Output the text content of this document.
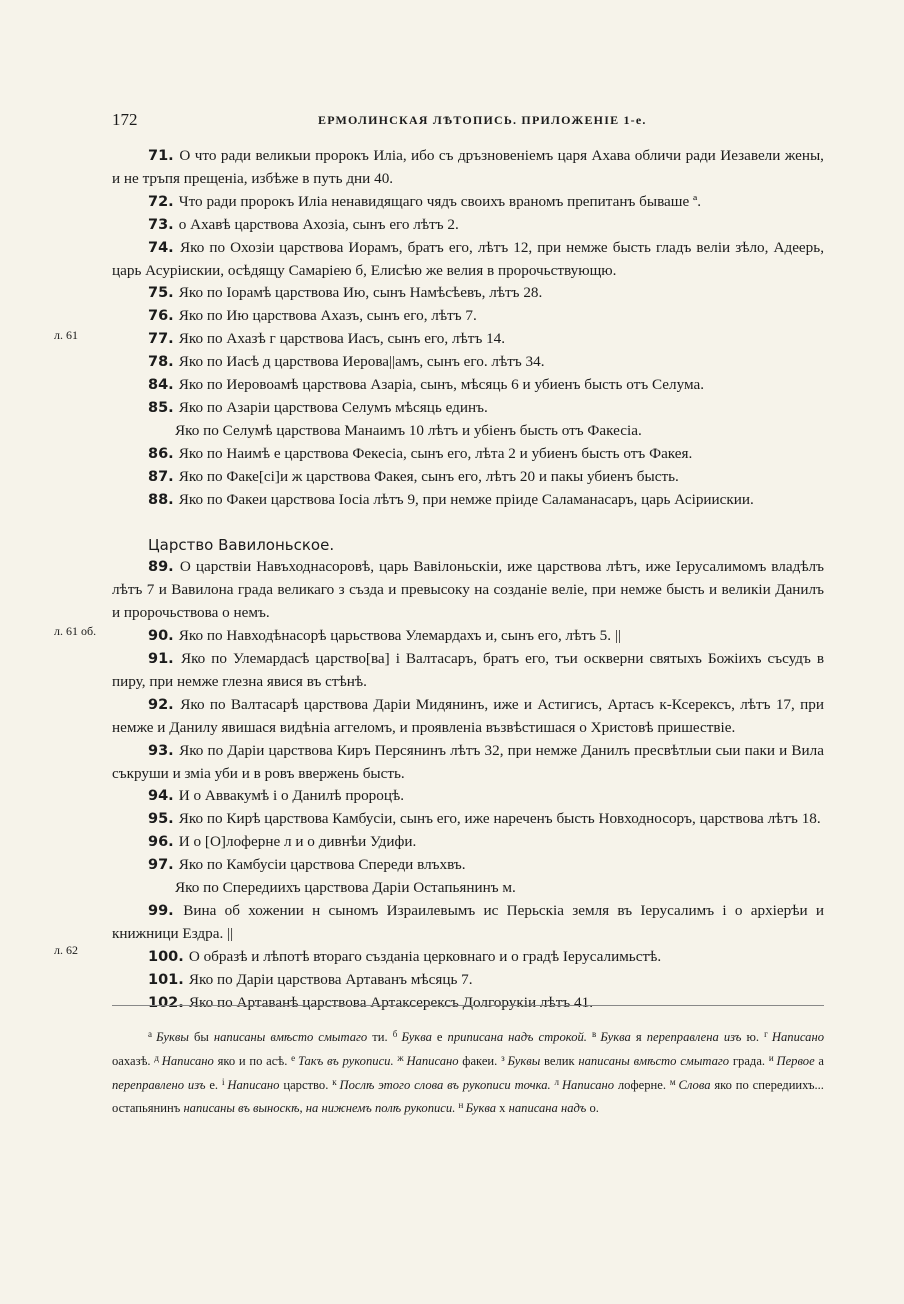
172	ЕРМОЛИНСКАЯ ЛѢТОПИСЬ. ПРИЛОЖЕНІЕ 1-е.
л. 61
л. 61 об.
л. 62
71. О что ради великыи пророкъ Иліа, ибо съ дръзновеніемъ царя Ахава обличи ради Иезавели жены, и не тръпя прещеніа, избѣже в путь дни 40.
72. Что ради пророкъ Иліа ненавидящаго чядъ своихъ враномъ препитанъ бываше ª.
73. о Ахавѣ царствова Ахозіа, сынъ его лѣтъ 2.
74. Яко по Охозіи царствова Иорамъ, братъ его, лѣтъ 12, при немже бысть гладъ велiи зѣло, Адеерь, царь Асуріискии, осѣдящу Самаріею б, Елисѣю же велия в пророчьствующю.
75. Яко по Іорамѣ царствова Ию, сынъ Намѣсѣевъ, лѣтъ 28.
76. Яко по Ию царствова Ахазъ, сынъ его, лѣтъ 7.
77. Яко по Ахазѣ г царствова Иасъ, сынъ его, лѣтъ 14.
78. Яко по Иасѣ д царствова Иерова||амъ, сынъ его. лѣтъ 34.
84. Яко по Иеровоамѣ царствова Азаріа, сынъ, мѣсяць 6 и убиенъ бысть отъ Селума.
85. Яко по Азаріи царствова Селумъ мѣсяць единъ.
Яко по Селумѣ царствова Манаимъ 10 лѣтъ и убіенъ бысть отъ Факесіа.
86. Яко по Наимѣ е царствова Фекесіа, сынъ его, лѣта 2 и убиенъ бысть отъ Факея.
87. Яко по Факе[сі]и ж царствова Факея, сынъ его, лѣтъ 20 и пакы убиенъ бысть.
88. Яко по Факеи царствова Іосіа лѣтъ 9, при немже пріиде Саламанасаръ, царь Асіриискии.
Царство Вавилоньское.
89. О царствіи Навъходнасоровѣ, царь Вавілоньскіи, иже царствова лѣтъ, иже Іерусалимомъ владѣлъ лѣтъ 7 и Вавилона града великаго з създа и превысоку на созданіе веліе, при немже бысть и великіи Данилъ и пророчьствова о немъ.
90. Яко по Навходѣнасорѣ царьствова Улемардахъ и, сынъ его, лѣтъ 5. ||
91. Яко по Улемардасѣ царство[ва] і Валтасаръ, братъ его, тъи оскверни святыхъ Божіихъ съсудъ в пиру, при немже глезна явися въ стѣнѣ.
92. Яко по Валтасарѣ царствова Даріи Мидянинъ, иже и Астигисъ, Артасъ к-Ксерексъ, лѣтъ 17, при немже и Данилу явишася видѣніа аггеломъ, и проявленіа възвѣстишася о Христовѣ пришествіе.
93. Яко по Даріи царствова Киръ Персянинъ лѣтъ 32, при немже Данилъ пресвѣтлыи сыи паки и Вила съкруши и зміа уби и в ровъ ввержень бысть.
94. И о Аввакумѣ і о Данилѣ пророцѣ.
95. Яко по Кирѣ царствова Камбусіи, сынъ его, иже нареченъ бысть Новходносоръ, царствова лѣтъ 18.
96. И о [О]лоферне л и о дивнѣи Удифи.
97. Яко по Камбусіи царствова Спереди влъхвъ.
Яко по Спередиихъ царствова Даріи Остапьянинъ м.
99. Вина об хожении н сыномъ Израилевымъ ис Перьскіа земля въ Іерусалимъ і о архіерѣи и книжници Ездра. ||
100. О образѣ и лѣпотѣ втораго създаніа церковнаго и о градѣ Іерусалимьстѣ.
101. Яко по Даріи царствова Артаванъ мѣсяць 7.
102. Яко по Артаванѣ царствова Артаксерексъ Долгорукіи лѣтъ 41.
$^а$ Буквы бы написаны вмѣсто смытаго ти. $^б$ Буква е приписана надъ строкой. $^в$ Буква я переправлена изъ ю. $^г$ Написано оахазѣ. $^д$ Написано яко и по асѣ. $^е$ Такъ въ рукописи. $^ж$ Написано факеи. $^з$ Буквы велик написаны вмѣсто смытаго града. $^и$ Первое а переправлено изъ е. $^і$ Написано царство. $^к$ Послѣ этого слова въ рукописи точка. $^л$ Написано лоферне. $^м$ Слова яко по спередиихъ... остапьянинъ написаны въ выноскѣ, на нижнемъ полѣ рукописи. $^н$ Буква х написана надъ о.
